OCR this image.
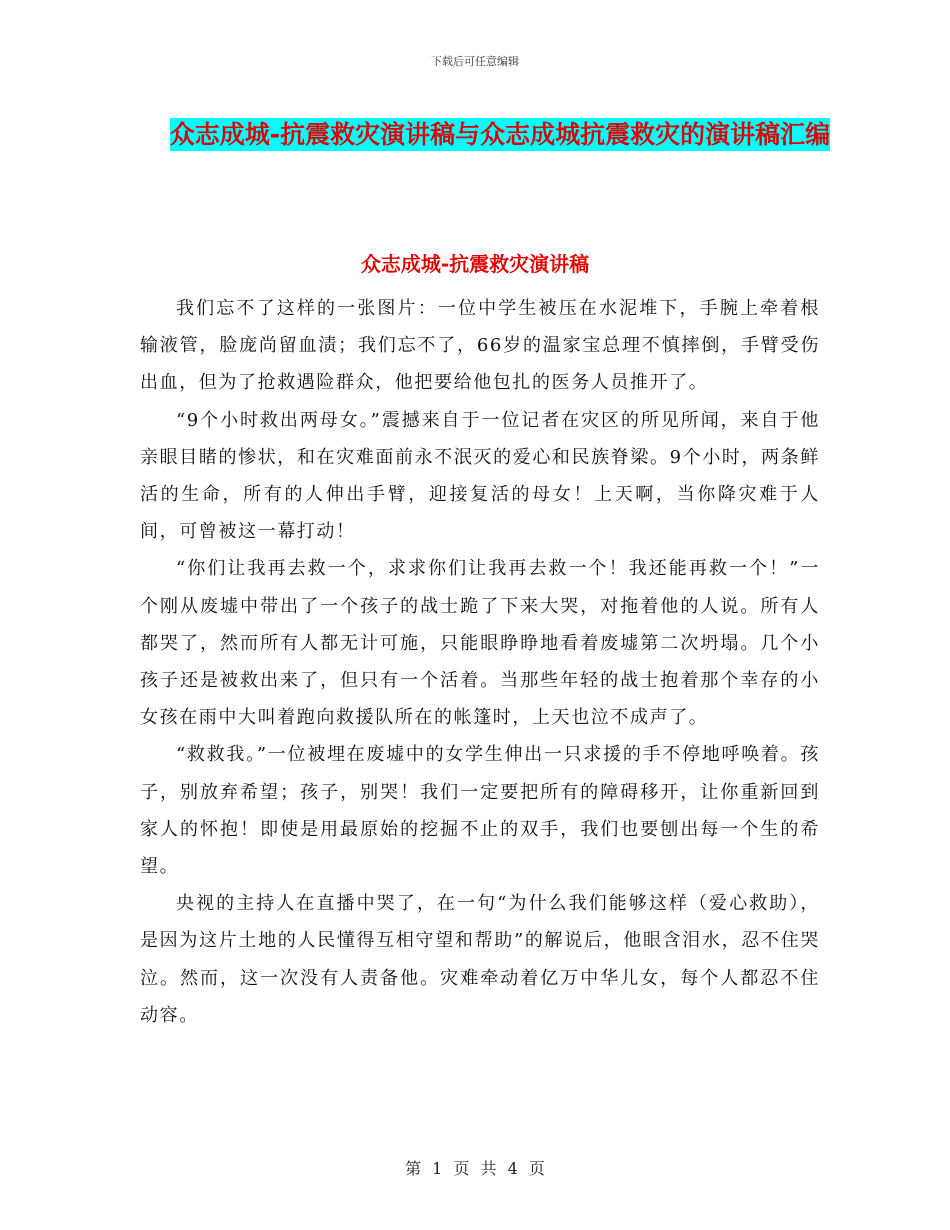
下载后可任意编辑
众志成城-抗震救灾演讲稿与众志成城抗震救灾的演讲稿汇编
众志成城-抗震救灾演讲稿

我们忘不了这样的一张图片：一位中学生被压在水泥堆下，手腕上牵着根输液管，脸庞尚留血渍；我们忘不了，66岁的温家宝总理不慎摔倒，手臂受伤出血，但为了抢救遇险群众，他把要给他包扎的医务人员推开了。

“9个小时救出两母女。”震撼来自于一位记者在灾区的所见所闻，来自于他亲眼目睹的惨状，和在灾难面前永不泯灭的爱心和民族脊梁。9个小时，两条鲜活的生命，所有的人伸出手臂，迎接复活的母女！上天啊，当你降灾难于人间，可曾被这一幕打动！

“你们让我再去救一个，求求你们让我再去救一个！我还能再救一个！”一个刚从废墟中带出了一个孩子的战士跪了下来大哭，对拖着他的人说。所有人都哭了，然而所有人都无计可施，只能眼睁睁地看着废墟第二次坍塌。几个小孩子还是被救出来了，但只有一个活着。当那些年轻的战士抱着那个幸存的小女孩在雨中大叫着跑向救援队所在的帐篷时，上天也泣不成声了。

“救救我。”一位被埋在废墟中的女学生伸出一只求援的手不停地呼唤着。孩子，别放弃希望；孩子，别哭！我们一定要把所有的障碍移开，让你重新回到家人的怀抱！即使是用最原始的挖掘不止的双手，我们也要刨出每一个生的希望。

央视的主持人在直播中哭了，在一句“为什么我们能够这样（爱心救助），是因为这片土地的人民懂得互相守望和帮助”的解说后，他眼含泪水，忍不住哭泣。然而，这一次没有人责备他。灾难牵动着亿万中华儿女，每个人都忍不住动容。

第 1 页 共 4 页
